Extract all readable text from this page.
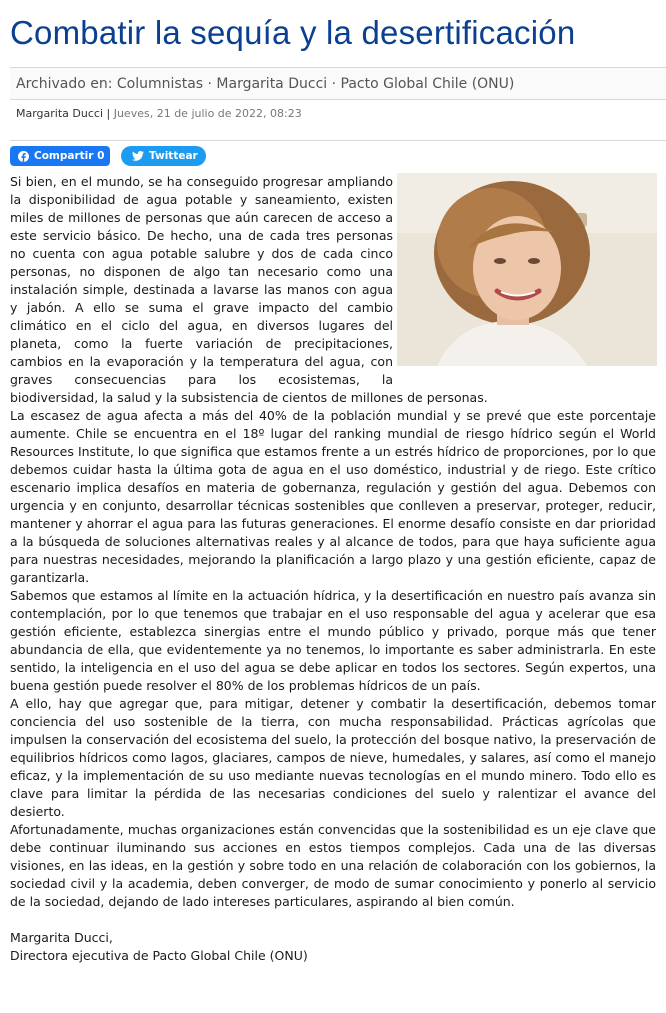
Combatir la sequía y la desertificación
Archivado en: Columnistas · Margarita Ducci · Pacto Global Chile (ONU)
Margarita Ducci | Jueves, 21 de julio de 2022, 08:23
Compartir 0	Twittear

Si bien, en el mundo, se ha conseguido progresar ampliando la disponibilidad de agua potable y saneamiento, existen miles de millones de personas que aún carecen de acceso a este servicio básico. De hecho, una de cada tres personas no cuenta con agua potable salubre y dos de cada cinco personas, no disponen de algo tan necesario como una instalación simple, destinada a lavarse las manos con agua y jabón. A ello se suma el grave impacto del cambio climático en el ciclo del agua, en diversos lugares del planeta, como la fuerte variación de precipitaciones, cambios en la evaporación y la temperatura del agua, con graves consecuencias para los ecosistemas, la biodiversidad, la salud y la subsistencia de cientos de millones de personas.

La escasez de agua afecta a más del 40% de la población mundial y se prevé que este porcentaje aumente. Chile se encuentra en el 18º lugar del ranking mundial de riesgo hídrico según el World Resources Institute, lo que significa que estamos frente a un estrés hídrico de proporciones, por lo que debemos cuidar hasta la última gota de agua en el uso doméstico, industrial y de riego. Este crítico escenario implica desafíos en materia de gobernanza, regulación y gestión del agua. Debemos con urgencia y en conjunto, desarrollar técnicas sostenibles que conlleven a preservar, proteger, reducir, mantener y ahorrar el agua para las futuras generaciones. El enorme desafío consiste en dar prioridad a la búsqueda de soluciones alternativas reales y al alcance de todos, para que haya suficiente agua para nuestras necesidades, mejorando la planificación a largo plazo y una gestión eficiente, capaz de garantizarla.

Sabemos que estamos al límite en la actuación hídrica, y la desertificación en nuestro país avanza sin contemplación, por lo que tenemos que trabajar en el uso responsable del agua y acelerar que esa gestión eficiente, establezca sinergias entre el mundo público y privado, porque más que tener abundancia de ella, que evidentemente ya no tenemos, lo importante es saber administrarla. En este sentido, la inteligencia en el uso del agua se debe aplicar en todos los sectores. Según expertos, una buena gestión puede resolver el 80% de los problemas hídricos de un país.

A ello, hay que agregar que, para mitigar, detener y combatir la desertificación, debemos tomar conciencia del uso sostenible de la tierra, con mucha responsabilidad. Prácticas agrícolas que impulsen la conservación del ecosistema del suelo, la protección del bosque nativo, la preservación de equilibrios hídricos como lagos, glaciares, campos de nieve, humedales, y salares, así como el manejo eficaz, y la implementación de su uso mediante nuevas tecnologías en el mundo minero. Todo ello es clave para limitar la pérdida de las necesarias condiciones del suelo y ralentizar el avance del desierto.

Afortunadamente, muchas organizaciones están convencidas que la sostenibilidad es un eje clave que debe continuar iluminando sus acciones en estos tiempos complejos. Cada una de las diversas visiones, en las ideas, en la gestión y sobre todo en una relación de colaboración con los gobiernos, la sociedad civil y la academia, deben converger, de modo de sumar conocimiento y ponerlo al servicio de la sociedad, dejando de lado intereses particulares, aspirando al bien común.

Margarita Ducci,

Directora ejecutiva de Pacto Global Chile (ONU)
